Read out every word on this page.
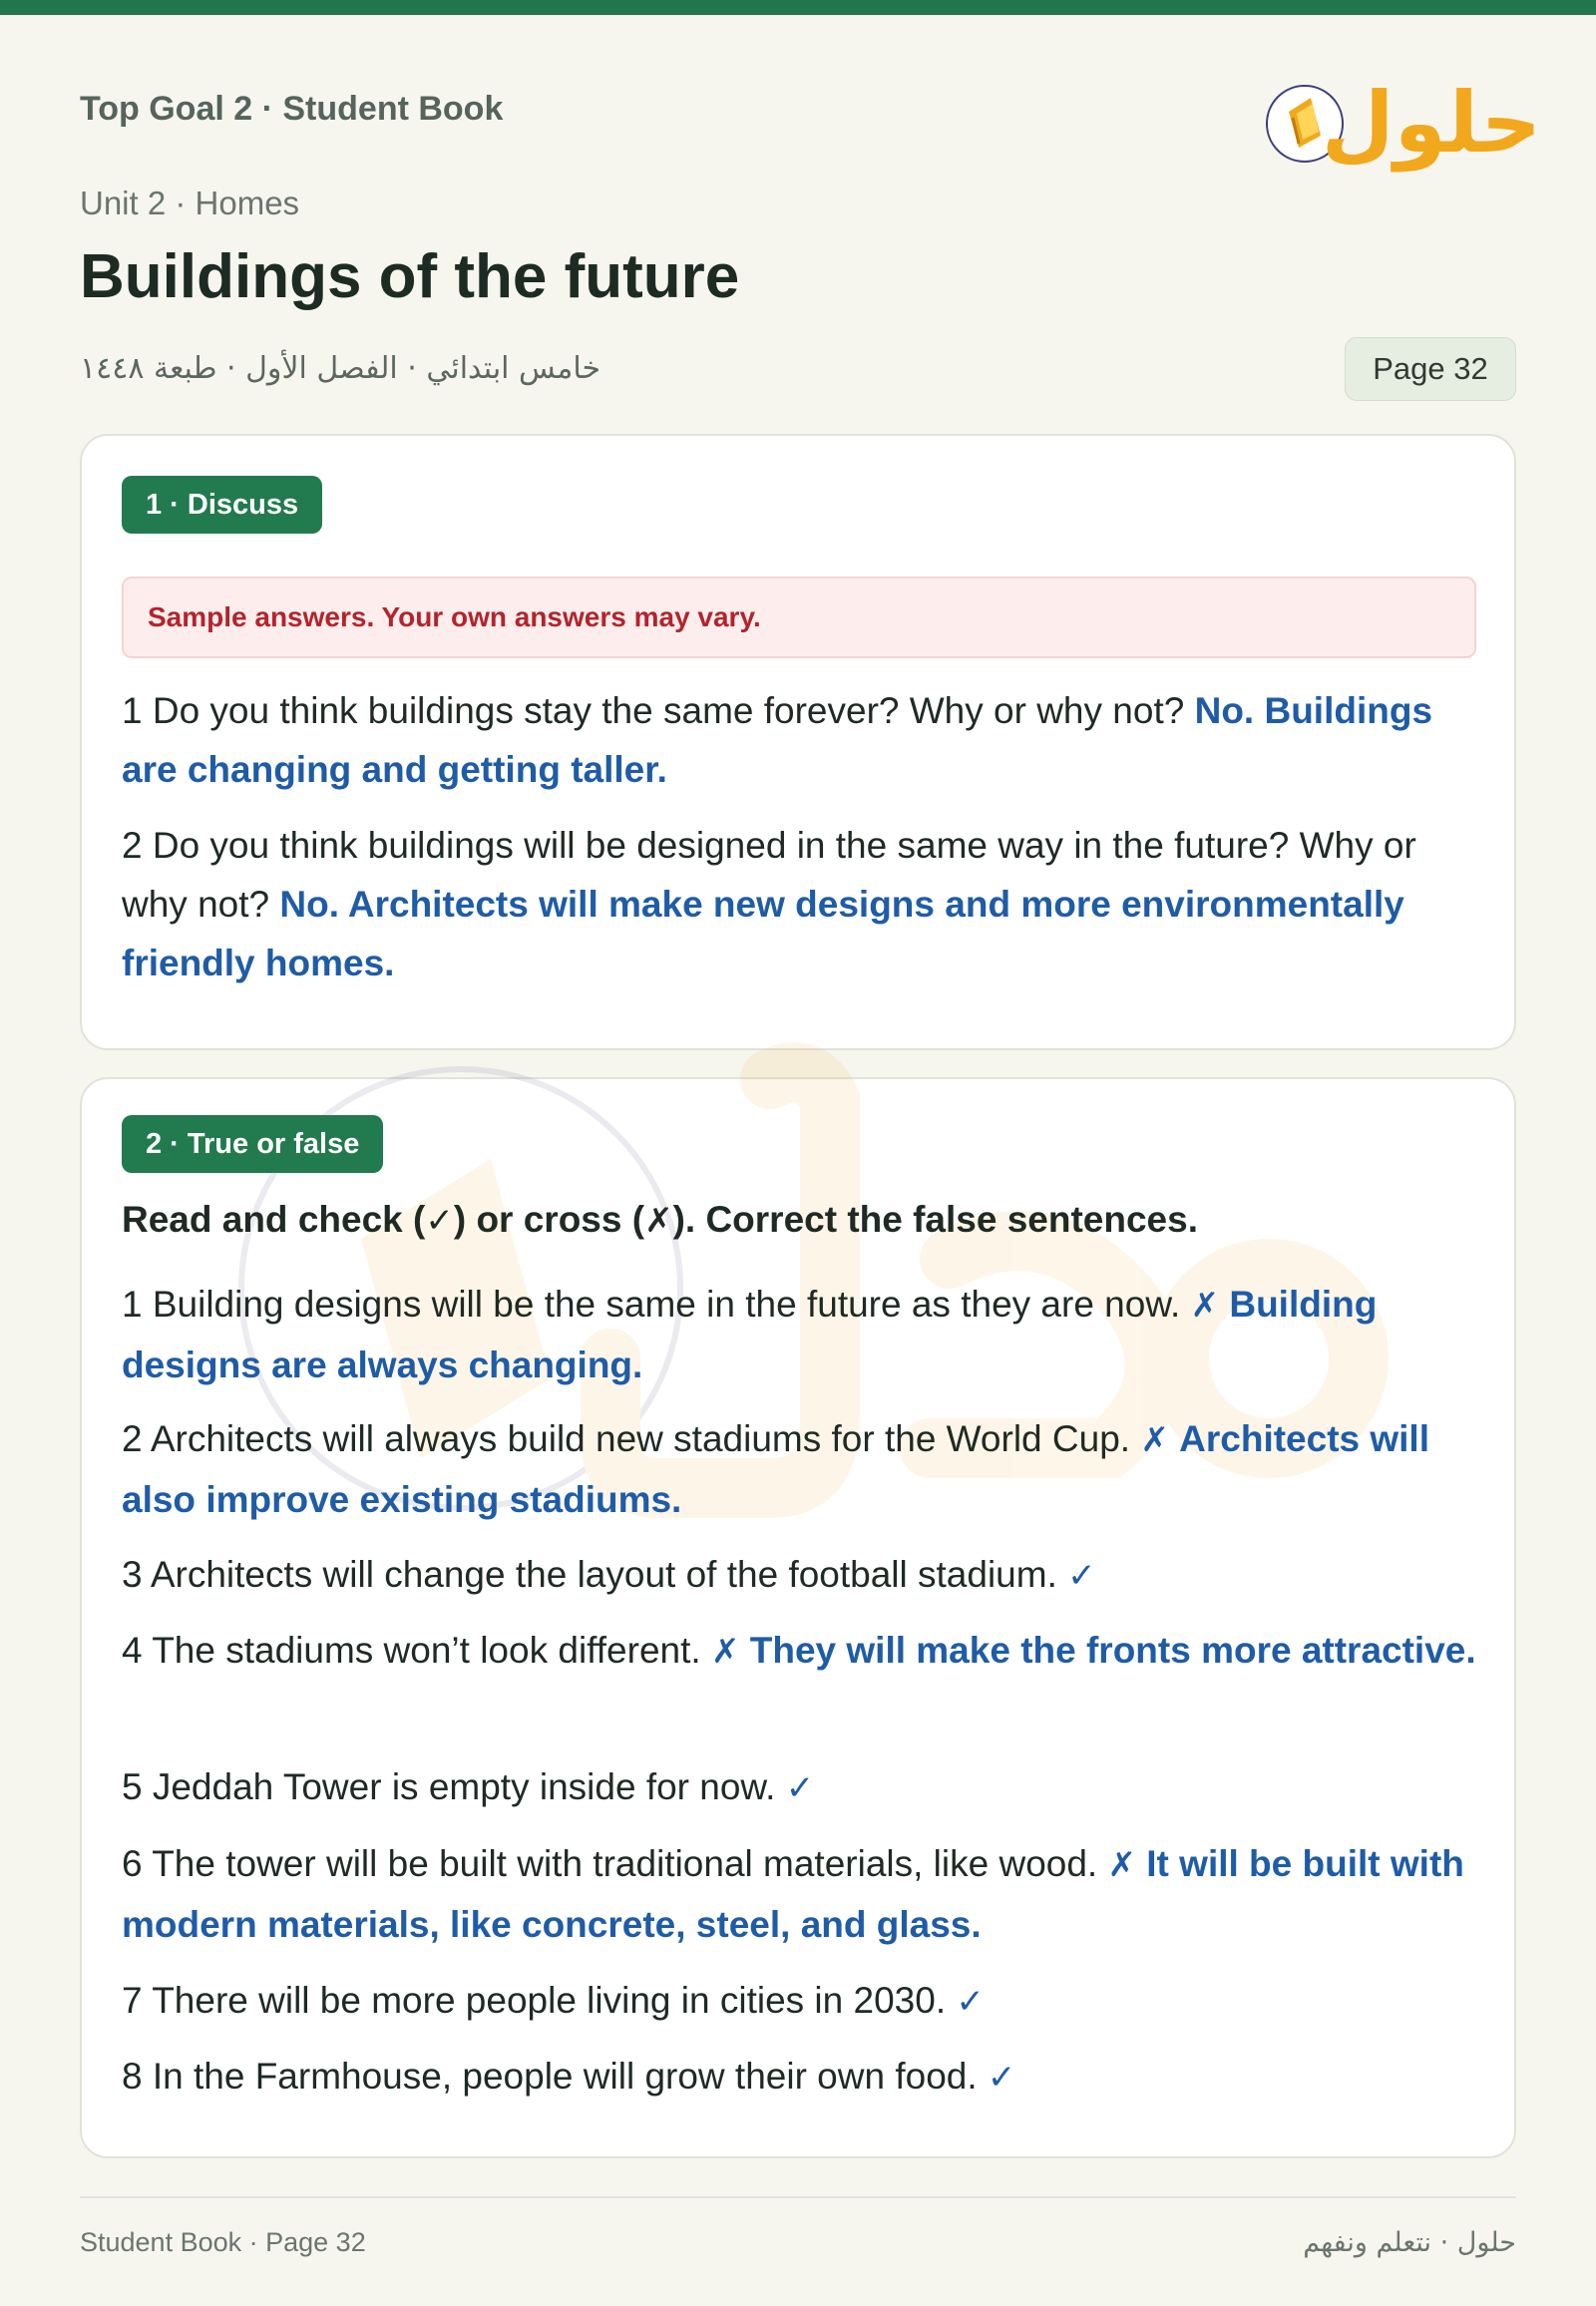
Top Goal 2 · Student Book
Unit 2 · Homes
Buildings of the future
خامس ابتدائي · الفصل الأول · طبعة ١٤٤٨	Page 32
حلول
1 · Discuss
Sample answers. Your own answers may vary.
1 Do you think buildings stay the same forever? Why or why not? No. Buildings are changing and getting taller.
2 Do you think buildings will be designed in the same way in the future? Why or why not? No. Architects will make new designs and more environmentally friendly homes.
2 · True or false
Read and check (✓) or cross (✗). Correct the false sentences.
1 Building designs will be the same in the future as they are now. ✗ Building designs are always changing.
2 Architects will always build new stadiums for the World Cup. ✗ Architects will also improve existing stadiums.
3 Architects will change the layout of the football stadium. ✓
4 The stadiums won’t look different. ✗ They will make the fronts more attractive.
5 Jeddah Tower is empty inside for now. ✓
6 The tower will be built with traditional materials, like wood. ✗ It will be built with modern materials, like concrete, steel, and glass.
7 There will be more people living in cities in 2030. ✓
8 In the Farmhouse, people will grow their own food. ✓
Student Book · Page 32	حلول · نتعلم ونفهم
